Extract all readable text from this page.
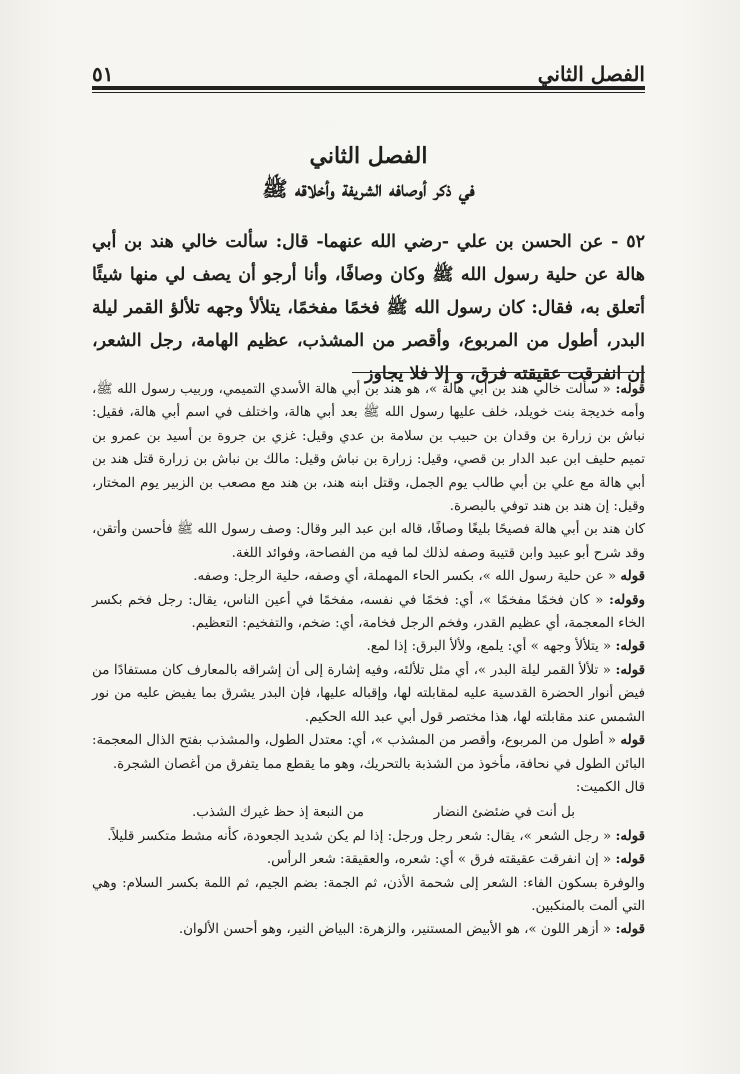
الفصل الثاني
٥١
الفصل الثاني
في ذكر أوصافه الشريفة وأخلاقه ﷺ

٥٢ - عن الحسن بن علي -رضي الله عنهما- قال: سألت خالي هند بن أبي هالة عن حلية رسول الله ﷺ وكان وصافًا، وأنا أرجو أن يصف لي منها شيئًا أتعلق به، فقال: كان رسول الله ﷺ فخمًا مفخمًا، يتلألأ وجهه تلألؤ القمر ليلة البدر، أطول من المربوع، وأقصر من المشذب، عظيم الهامة، رجل الشعر، إن انفرقت عقيقته فرق، و إلا فلا يجاوز

قوله: « سألت خالي هند بن أبي هالة »، هو هند بن أبي هالة الأسدي التميمي، وربيب رسول الله ﷺ، وأمه خديجة بنت خويلد، خلف عليها رسول الله ﷺ بعد أبي هالة، واختلف في اسم أبي هالة، فقيل: نباش بن زرارة بن وقدان بن حبيب بن سلامة بن عدي وقيل: غزي بن جروة بن أسيد بن عمرو بن تميم حليف ابن عبد الدار بن قصي، وقيل: زرارة بن نباش وقيل: مالك بن نباش بن زرارة قتل هند بن أبي هالة مع علي بن أبي طالب يوم الجمل، وقتل ابنه هند، بن هند مع مصعب بن الزبير يوم المختار، وقيل: إن هند بن هند توفي بالبصرة.

كان هند بن أبي هالة فصيحًا بليغًا وصافًا، قاله ابن عبد البر وقال: وصف رسول الله ﷺ فأحسن وأتقن، وقد شرح أبو عبيد وابن قتيبة وصفه لذلك لما فيه من الفصاحة، وفوائد اللغة.

قوله « عن حلية رسول الله »، بكسر الحاء المهملة، أي وصفه، حلية الرجل: وصفه.

وقوله: « كان فخمًا مفخمًا »، أي: فخمًا في نفسه، مفخمًا في أعين الناس، يقال: رجل فخم بكسر الخاء المعجمة، أي عظيم القدر، وفخم الرجل فخامة، أي: ضخم، والتفخيم: التعظيم.

قوله: « يتلألأ وجهه » أي: يلمع، ولألأ البرق: إذا لمع.

قوله: « تلألأ القمر ليلة البدر »، أي مثل تلألئه، وفيه إشارة إلى أن إشراقه بالمعارف كان مستفادًا من فيض أنوار الحضرة القدسية عليه لمقابلته لها، وإقباله عليها، فإن البدر يشرق بما يفيض عليه من نور الشمس عند مقابلته لها، هذا مختصر قول أبي عبد الله الحكيم.

قوله « أطول من المربوع، وأقصر من المشذب »، أي: معتدل الطول، والمشذب بفتح الذال المعجمة: البائن الطول في نحافة، مأخوذ من الشذبة بالتحريك، وهو ما يقطع مما يتفرق من أغصان الشجرة.

قال الكميت:

بل أنت في ضئضئ النضار
من النبعة إذ حظ غيرك الشذب.

قوله: « رجل الشعر »، يقال: شعر رجل ورجل: إذا لم يكن شديد الجعودة، كأنه مشط متكسر قليلاً.

قوله: « إن انفرقت عقيقته فرق » أي: شعره، والعقيقة: شعر الرأس.

والوفرة بسكون الفاء: الشعر إلى شحمة الأذن، ثم الجمة: بضم الجيم، ثم اللمة بكسر السلام: وهي التي ألمت بالمنكبين.

قوله: « أزهر اللون »، هو الأبيض المستنير، والزهرة: البياض النير، وهو أحسن الألوان.
